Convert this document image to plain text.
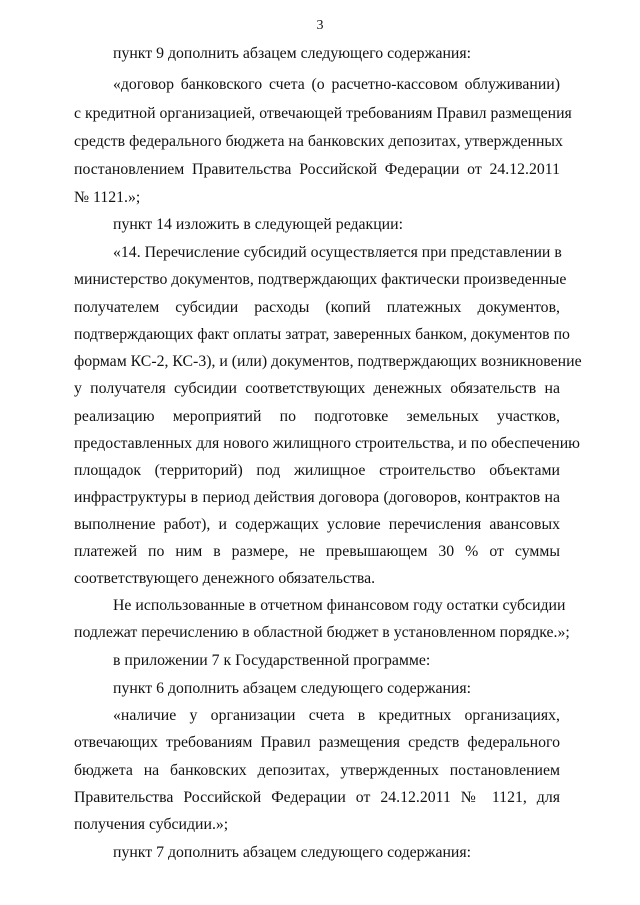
3
пункт 9 дополнить абзацем следующего содержания:
«договор банковского счета (о расчетно-кассовом облуживании)
с кредитной организацией, отвечающей требованиям Правил размещения
средств федерального бюджета на банковских депозитах, утвержденных
постановлением Правительства Российской Федерации от 24.12.2011
№ 1121.»;
пункт 14 изложить в следующей редакции:
«14. Перечисление субсидий осуществляется при представлении в
министерство документов, подтверждающих фактически произведенные
получателем субсидии расходы (копий платежных документов,
подтверждающих факт оплаты затрат, заверенных банком, документов по
формам КС-2, КС-3), и (или) документов, подтверждающих возникновение
у получателя субсидии соответствующих денежных обязательств на
реализацию мероприятий по подготовке земельных участков,
предоставленных для нового жилищного строительства, и по обеспечению
площадок (территорий) под жилищное строительство объектами
инфраструктуры в период действия договора (договоров, контрактов на
выполнение работ), и содержащих условие перечисления авансовых
платежей по ним в размере, не превышающем 30 % от суммы
соответствующего денежного обязательства.
Не использованные в отчетном финансовом году остатки субсидии
подлежат перечислению в областной бюджет в установленном порядке.»;
в приложении 7 к Государственной программе:
пункт 6 дополнить абзацем следующего содержания:
«наличие у организации счета в кредитных организациях,
отвечающих требованиям Правил размещения средств федерального
бюджета на банковских депозитах, утвержденных постановлением
Правительства Российской Федерации от 24.12.2011 № 1121, для
получения субсидии.»;
пункт 7 дополнить абзацем следующего содержания:
